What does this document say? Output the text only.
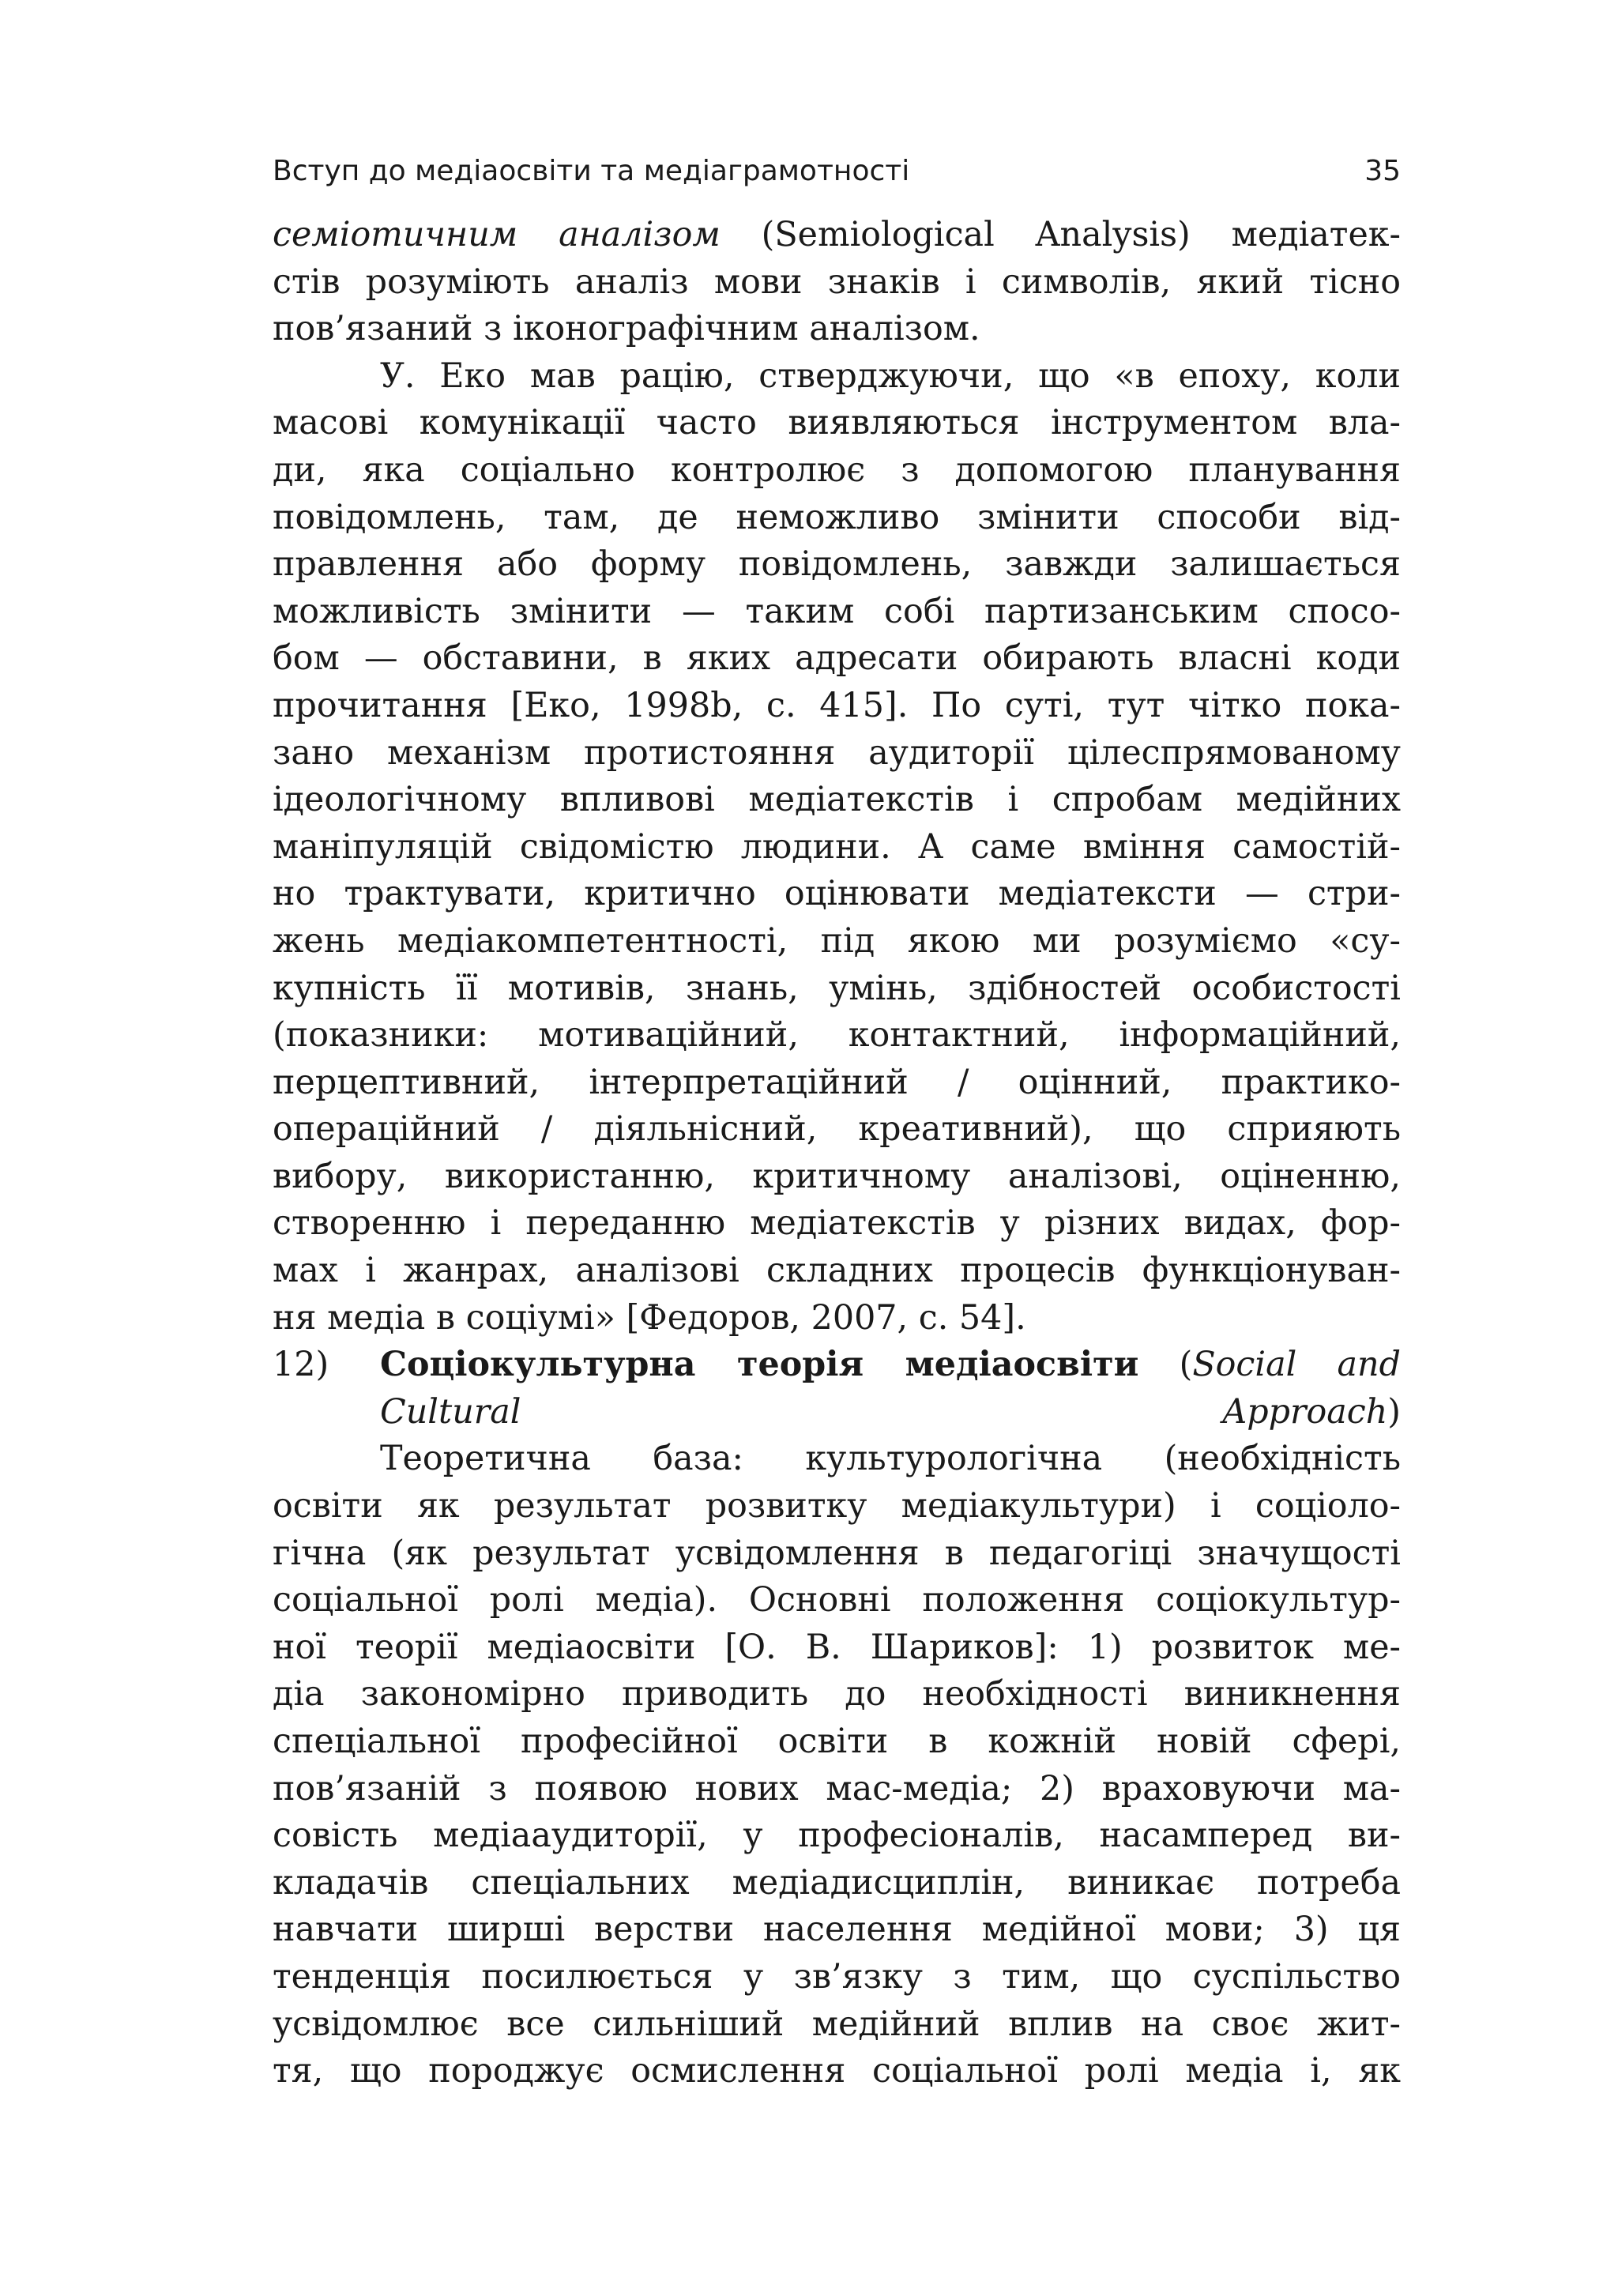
Вступ до медіаосвіти та медіаграмотності	35
семіотичним аналізом (Semiological Analysis) медіатек-
стів розуміють аналіз мови знаків і символів, який тісно
пов’язаний з іконографічним аналізом.
У. Еко мав рацію, стверджуючи, що «в епоху, коли
масові комунікації часто виявляються інструментом вла-
ди, яка соціально контролює з допомогою планування
повідомлень, там, де неможливо змінити способи від-
правлення або форму повідомлень, завжди залишається
можливість змінити — таким собі партизанським спосо-
бом — обставини, в яких адресати обирають власні коди
прочитання [Еко, 1998b, с. 415]. По суті, тут чітко пока-
зано механізм протистояння аудиторії цілеспрямованому
ідеологічному впливові медіатекстів і спробам медійних
маніпуляцій свідомістю людини. А саме вміння самостій-
но трактувати, критично оцінювати медіатексти — стри-
жень медіакомпетентності, під якою ми розуміємо «су-
купність її мотивів, знань, умінь, здібностей особистості
(показники: мотиваційний, контактний, інформаційний,
перцептивний, інтерпретаційний / оцінний, практико-
операційний / діяльнісний, креативний), що сприяють
вибору, використанню, критичному аналізові, оціненню,
створенню і переданню медіатекстів у різних видах, фор-
мах і жанрах, аналізові складних процесів функціонуван-
ня медіа в соціумі» [Федоров, 2007, с. 54].
12)	Соціокультурна теорія медіаосвіти (Social and
Cultural Approach)
Теоретична база: культурологічна (необхідність
освіти як результат розвитку медіакультури) і соціоло-
гічна (як результат усвідомлення в педагогіці значущості
соціальної ролі медіа). Основні положення соціокультур-
ної теорії медіаосвіти [О. В. Шариков]: 1) розвиток ме-
діа закономірно приводить до необхідності виникнення
спеціальної професійної освіти в кожній новій сфері,
пов’язаній з появою нових мас-медіа; 2) враховуючи ма-
совість медіааудиторії, у професіоналів, насамперед ви-
кладачів спеціальних медіадисциплін, виникає потреба
навчати ширші верстви населення медійної мови; 3) ця
тенденція посилюється у зв’язку з тим, що суспільство
усвідомлює все сильніший медійний вплив на своє жит-
тя, що породжує осмислення соціальної ролі медіа і, як
